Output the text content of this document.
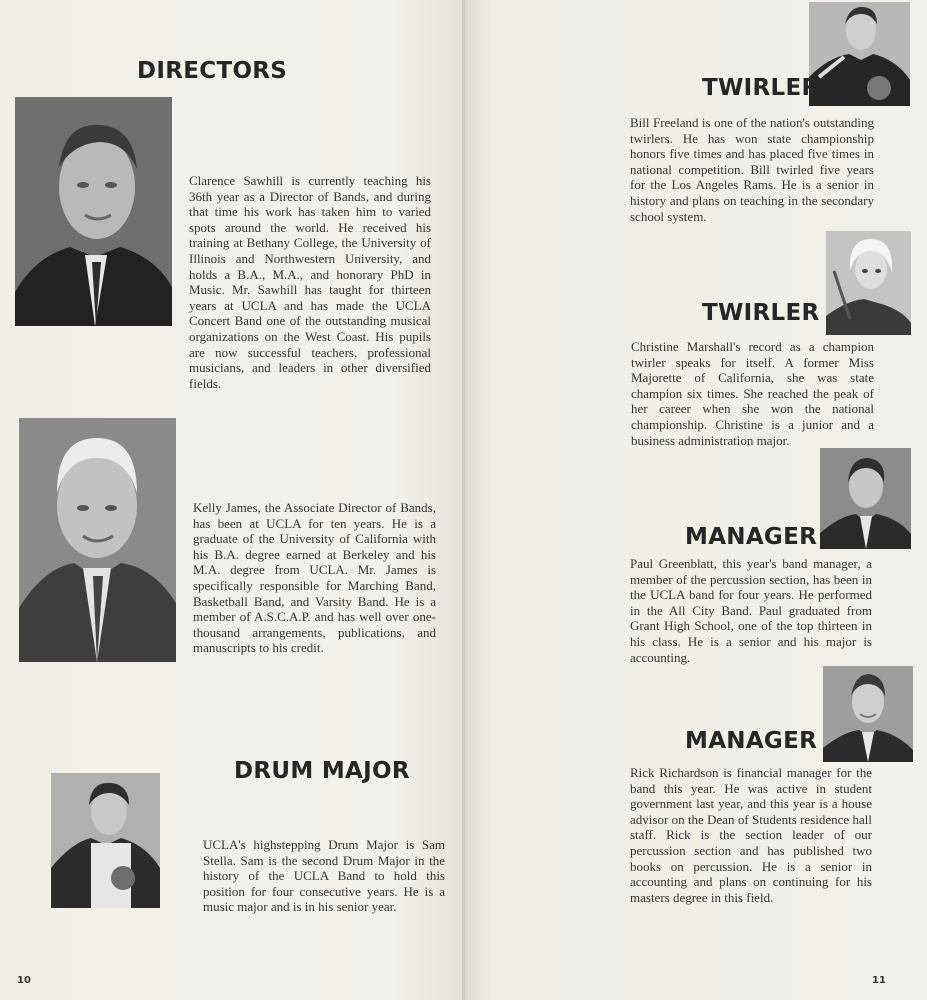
DIRECTORS
Clarence Sawhill is currently teaching his 36th year as a Director of Bands, and during that time his work has taken him to varied spots around the world. He received his training at Bethany College, the University of Illinois and Northwestern University, and holds a B.A., M.A., and honorary PhD in Music. Mr. Sawhill has taught for thirteen years at UCLA and has made the UCLA Concert Band one of the outstanding musical organizations on the West Coast. His pupils are now successful teachers, professional musicians, and leaders in other diversified fields.
Kelly James, the Associate Director of Bands, has been at UCLA for ten years. He is a graduate of the University of California with his B.A. degree earned at Berkeley and his M.A. degree from UCLA. Mr. James is specifically responsible for Marching Band, Basketball Band, and Varsity Band. He is a member of A.S.C.A.P. and has well over one-thousand arrangements, publications, and manuscripts to his credit.
DRUM MAJOR
UCLA's highstepping Drum Major is Sam Stella. Sam is the second Drum Major in the history of the UCLA Band to hold this position for four consecutive years. He is a music major and is in his senior year.
10
TWIRLER
Bill Freeland is one of the nation's outstanding twirlers. He has won state championship honors five times and has placed five times in national competition. Bill twirled five years for the Los Angeles Rams. He is a senior in history and plans on teaching in the secondary school system.
TWIRLER
Christine Marshall's record as a champion twirler speaks for itself. A former Miss Majorette of California, she was state champion six times. She reached the peak of her career when she won the national championship. Christine is a junior and a business administration major.
MANAGER
Paul Greenblatt, this year's band manager, a member of the percussion section, has been in the UCLA band for four years. He performed in the All City Band. Paul graduated from Grant High School, one of the top thirteen in his class. He is a senior and his major is accounting.
MANAGER
Rick Richardson is financial manager for the band this year. He was active in student government last year, and this year is a house advisor on the Dean of Students residence hall staff. Rick is the section leader of our percussion section and has published two books on percussion. He is a senior in accounting and plans on continuing for his masters degree in this field.
11
